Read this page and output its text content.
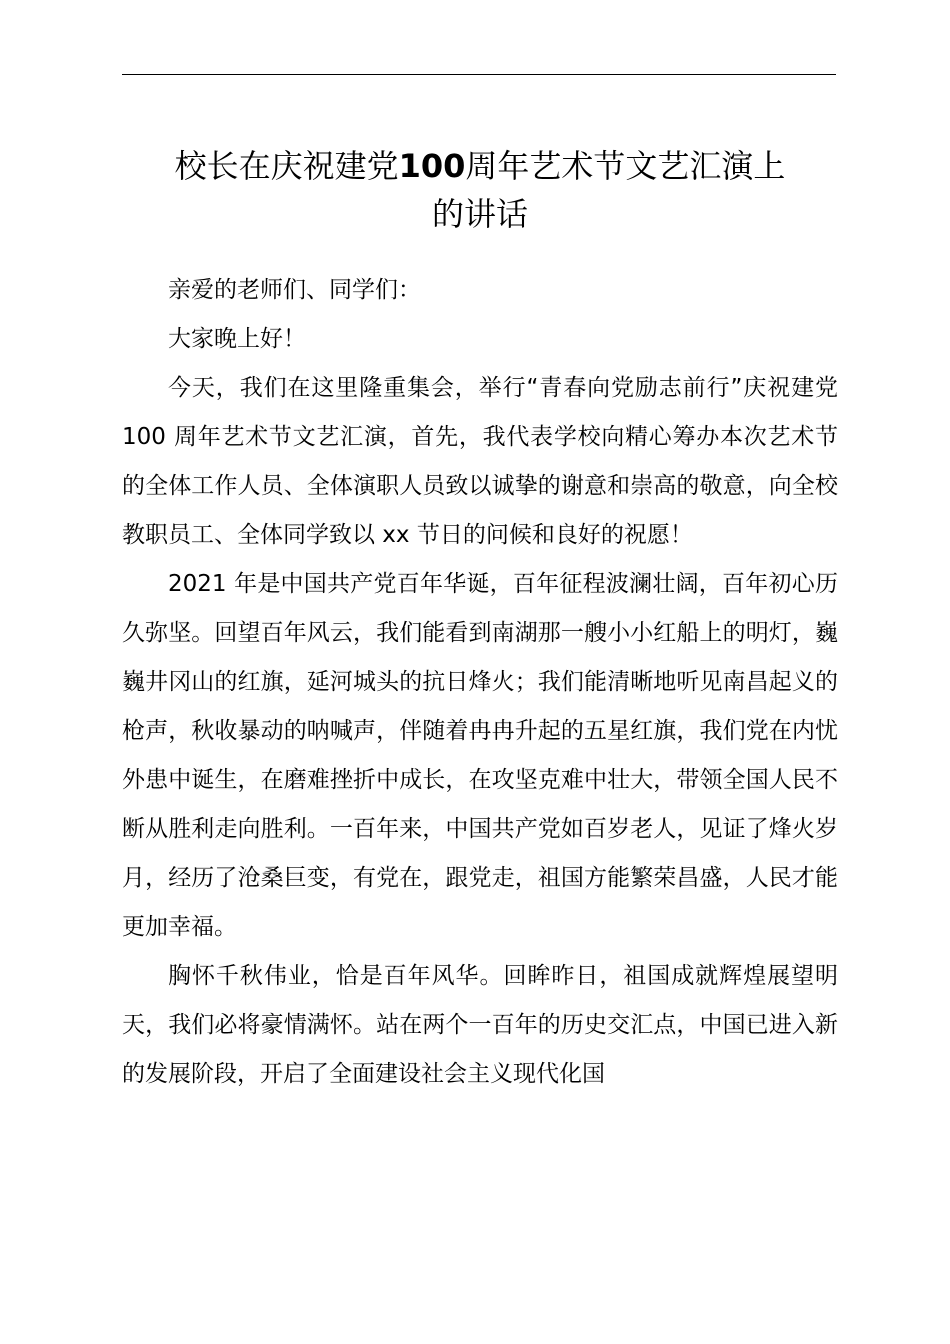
校长在庆祝建党100周年艺术节文艺汇演上
的讲话

亲爱的老师们、同学们：

大家晚上好！

今天，我们在这里隆重集会，举行“青春向党励志前行”庆祝建党 100 周年艺术节文艺汇演，首先，我代表学校向精心筹办本次艺术节的全体工作人员、全体演职人员致以诚挚的谢意和崇高的敬意，向全校教职员工、全体同学致以 xx 节日的问候和良好的祝愿！

2021 年是中国共产党百年华诞，百年征程波澜壮阔，百年初心历久弥坚。回望百年风云，我们能看到南湖那一艘小小红船上的明灯，巍巍井冈山的红旗，延河城头的抗日烽火；我们能清晰地听见南昌起义的枪声，秋收暴动的呐喊声，伴随着冉冉升起的五星红旗，我们党在内忧外患中诞生，在磨难挫折中成长，在攻坚克难中壮大，带领全国人民不断从胜利走向胜利。一百年来，中国共产党如百岁老人，见证了烽火岁月，经历了沧桑巨变，有党在，跟党走，祖国方能繁荣昌盛，人民才能更加幸福。

胸怀千秋伟业，恰是百年风华。回眸昨日，祖国成就辉煌展望明天，我们必将豪情满怀。站在两个一百年的历史交汇点，中国已进入新的发展阶段，开启了全面建设社会主义现代化国
